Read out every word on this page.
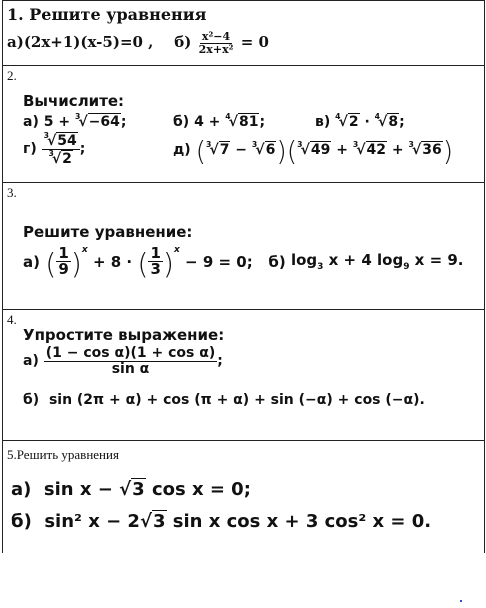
1. Решите уравнения
а)(2x+1)(x-5)=0 , $б) \frac{\text{x²−4}}{\text{2x+x²}} = 0$
2.
Вычислите:
а) 5 + $^3$√−64;	б) 4 + $^4$√81;	в) $^4$√2 · $^4$√8;
$г) \frac{^3√54}{^3√2}$ ;	д) ($^3$√7 − $^3$√6)($^3$√49 + $^3$√42 + $^3$√36)
3.
Решите уравнение:
а) ( $\frac{1}{9} )^x + 8$ · ( $\frac{1}{3} )^x - 9 = 0$; б) $\log_3 x + 4$ $\log_9 x = 9$.
4.
Упростите выражение:
$а) \frac{\text{(1 − cos α)(1 + cos α)}}{\text{sin α}}$ ;
б) sin (2π + α) + cos (π + α) + sin (−α) + cos (−α).
5.Решить уравнения
а) sin x − √3 cos x = 0;
б) sin² x − 2√3 sin x cos x + 3 cos² x = 0.
